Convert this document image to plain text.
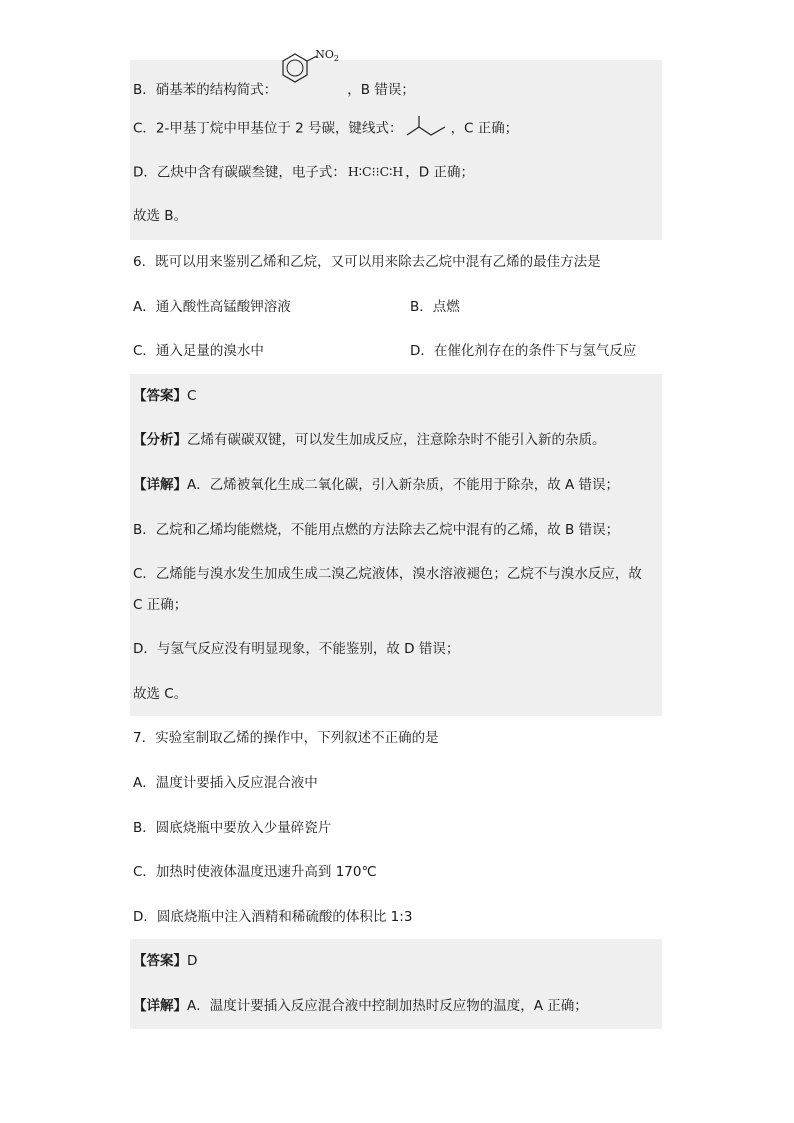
B．硝基苯的结构简式：
$NO_2$
，B 错误；
C．2-甲基丁烷中甲基位于 2 号碳，键线式：	，C 正确；
D．乙炔中含有碳碳叁键，电子式： H∶C⁝⁝C∶H ，D 正确；
故选 B。
6．既可以用来鉴别乙烯和乙烷，又可以用来除去乙烷中混有乙烯的最佳方法是
A．通入酸性高锰酸钾溶液	B．点燃
C．通入足量的溴水中	D．在催化剂存在的条件下与氢气反应
【答案】C
【分析】乙烯有碳碳双键，可以发生加成反应，注意除杂时不能引入新的杂质。
【详解】A．乙烯被氧化生成二氧化碳，引入新杂质，不能用于除杂，故 A 错误；
B．乙烷和乙烯均能燃烧，不能用点燃的方法除去乙烷中混有的乙烯，故 B 错误；
C．乙烯能与溴水发生加成生成二溴乙烷液体，溴水溶液褪色；乙烷不与溴水反应，故
C 正确；
D．与氢气反应没有明显现象，不能鉴别，故 D 错误；
故选 C。
7．实验室制取乙烯的操作中，下列叙述不正确的是
A．温度计要插入反应混合液中
B．圆底烧瓶中要放入少量碎瓷片
C．加热时使液体温度迅速升高到 170℃
D．圆底烧瓶中注入酒精和稀硫酸的体积比 1:3
【答案】D
【详解】A．温度计要插入反应混合液中控制加热时反应物的温度，A 正确；
